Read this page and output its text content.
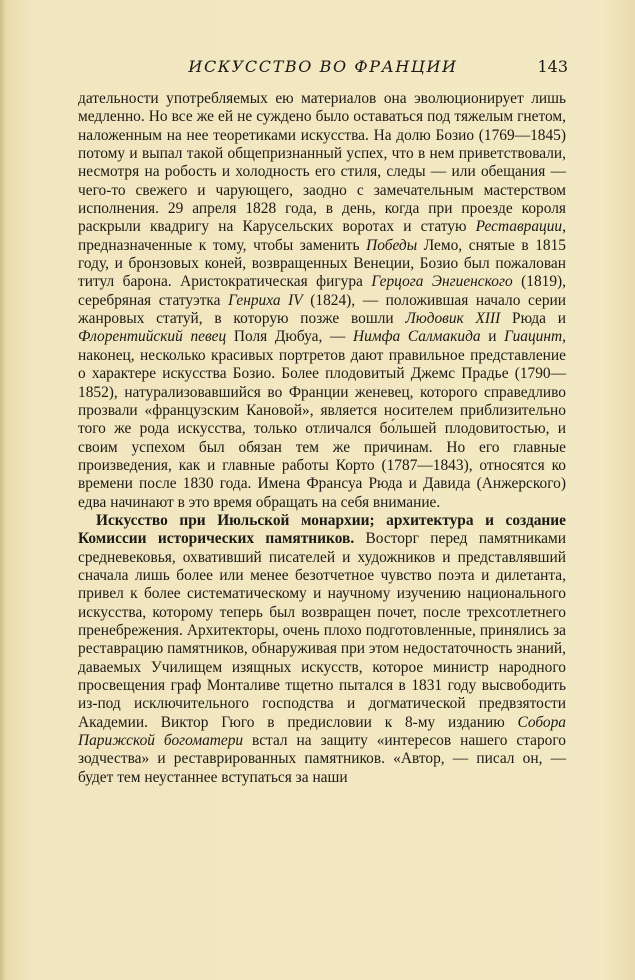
ИСКУССТВО ВО ФРАНЦИИ	143

дательности употребляемых ею материалов она эволюционирует лишь медленно. Но все же ей не суждено было оставаться под тяжелым гнетом, наложенным на нее теоретиками искусства. На долю Бозио (1769—1845) потому и выпал такой общепризнанный успех, что в нем приветствовали, несмотря на робость и холодность его стиля, следы — или обещания — чего-то свежего и чарующего, заодно с замечательным мастерством исполнения. 29 апреля 1828 года, в день, когда при проезде короля раскрыли квадригу на Карусельских воротах и статую Реставрации, предназначенные к тому, чтобы заменить Победы Лемо, снятые в 1815 году, и бронзовых коней, возвращенных Венеции, Бозио был пожалован титул барона. Аристократическая фигура Герцога Энгиенского (1819), серебряная статуэтка Генриха IV (1824), — положившая начало серии жанровых статуй, в которую позже вошли Людовик XIII Рюда и Флорентийский певец Поля Дюбуа, — Нимфа Салмакида и Гиацинт, наконец, несколько красивых портретов дают правильное представление о характере искусства Бозио. Более плодовитый Джемс Прадье (1790—1852), натурализовавшийся во Франции женевец, которого справедливо прозвали «французским Кановой», является носителем приблизительно того же рода искусства, только отличался бо́льшей плодовитостью, и своим успехом был обязан тем же причинам. Но его главные произведения, как и главные работы Корто (1787—1843), относятся ко времени после 1830 года. Имена Франсуа Рюда и Давида (Анжерского) едва начинают в это время обращать на себя внимание.

Искусство при Июльской монархии; архитектура и создание Комиссии исторических памятников. Восторг перед памятниками средневековья, охвативший писателей и художников и представлявший сначала лишь более или менее безотчетное чувство поэта и дилетанта, привел к более систематическому и научному изучению национального искусства, которому теперь был возвращен почет, после трехсотлетнего пренебрежения. Архитекторы, очень плохо подготовленные, принялись за реставрацию памятников, обнаруживая при этом недостаточность знаний, даваемых Училищем изящных искусств, которое министр народного просвещения граф Монталиве тщетно пытался в 1831 году высвободить из-под исключительного господства и догматической предвзятости Академии. Виктор Гюго в предисловии к 8-му изданию Собора Парижской богоматери встал на защиту «интересов нашего старого зодчества» и реставрированных памятников. «Автор, — писал он, — будет тем неустаннее вступаться за наши
